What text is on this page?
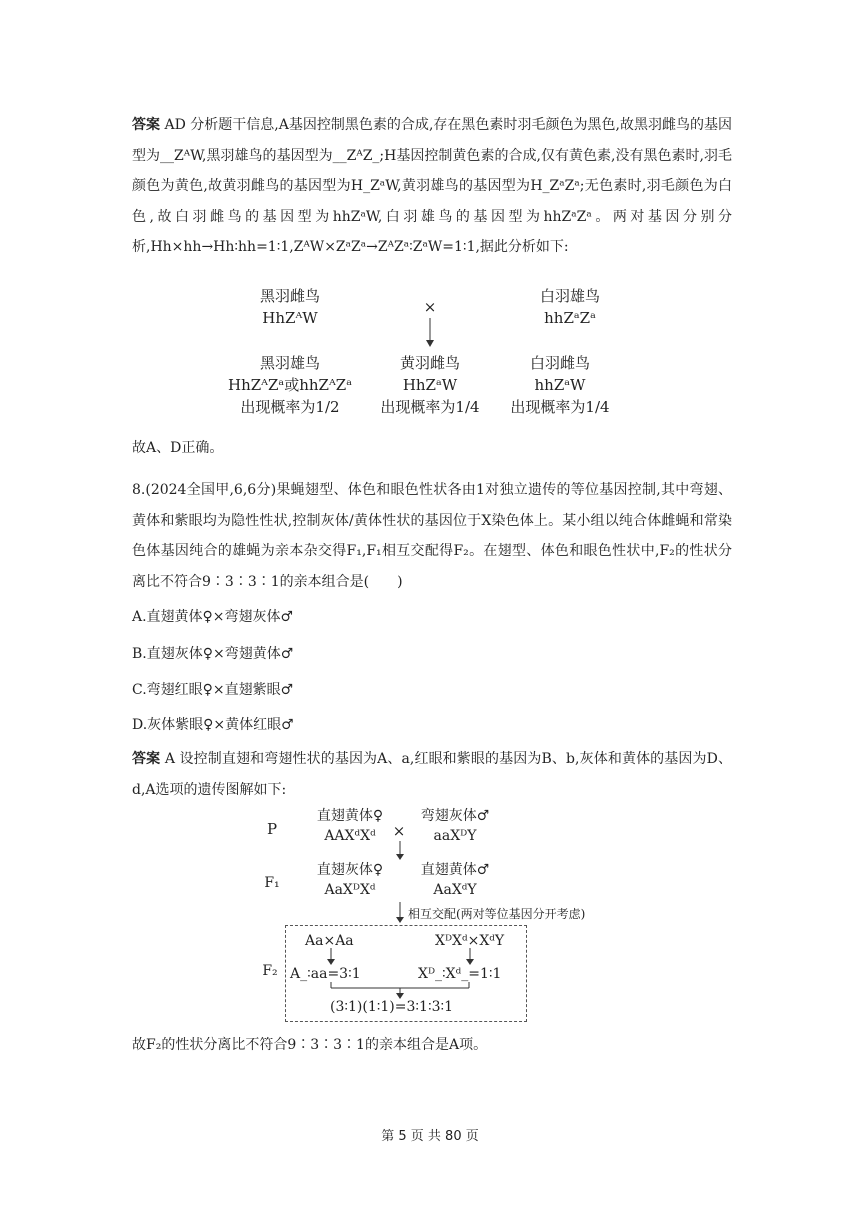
答案 AD 分析题干信息,A基因控制黑色素的合成,存在黑色素时羽毛颜色为黑色,故黑羽雌鸟的基因型为__ZᴬW,黑羽雄鸟的基因型为__ZᴬZ_;H基因控制黄色素的合成,仅有黄色素,没有黑色素时,羽毛颜色为黄色,故黄羽雌鸟的基因型为H_ZᵃW,黄羽雄鸟的基因型为H_ZᵃZᵃ;无色素时,羽毛颜色为白色,故白羽雌鸟的基因型为hhZᵃW,白羽雄鸟的基因型为hhZᵃZᵃ。两对基因分别分析,Hh×hh→Hh∶hh=1∶1,ZᴬW×ZᵃZᵃ→ZᴬZᵃ∶ZᵃW=1∶1,据此分析如下:
黑羽雌鸟
HhZᴬW
×
白羽雄鸟
hhZᵃZᵃ
黑羽雄鸟
HhZᴬZᵃ或hhZᴬZᵃ
出现概率为1/2
黄羽雌鸟
HhZᵃW
出现概率为1/4
白羽雌鸟
hhZᵃW
出现概率为1/4
故A、D正确。
8.(2024全国甲,6,6分)果蝇翅型、体色和眼色性状各由1对独立遗传的等位基因控制,其中弯翅、黄体和紫眼均为隐性性状,控制灰体/黄体性状的基因位于X染色体上。某小组以纯合体雌蝇和常染色体基因纯合的雄蝇为亲本杂交得F₁,F₁相互交配得F₂。在翅型、体色和眼色性状中,F₂的性状分离比不符合9∶3∶3∶1的亲本组合是(　　)
A.直翅黄体♀×弯翅灰体♂
B.直翅灰体♀×弯翅黄体♂
C.弯翅红眼♀×直翅紫眼♂
D.灰体紫眼♀×黄体红眼♂
答案 A 设控制直翅和弯翅性状的基因为A、a,红眼和紫眼的基因为B、b,灰体和黄体的基因为D、d,A选项的遗传图解如下:
P
直翅黄体♀
AAXᵈXᵈ	×
弯翅灰体♂
aaXᴰY
F₁
直翅灰体♀
AaXᴰXᵈ
直翅黄体♂
AaXᵈY
相互交配(两对等位基因分开考虑)
F₂
Aa×Aa
A_∶aa=3∶1
XᴰXᵈ×XᵈY
Xᴰ_∶Xᵈ_=1∶1
(3∶1)(1∶1)=3∶1∶3∶1
故F₂的性状分离比不符合9∶3∶3∶1的亲本组合是A项。
第 5 页 共 80 页
